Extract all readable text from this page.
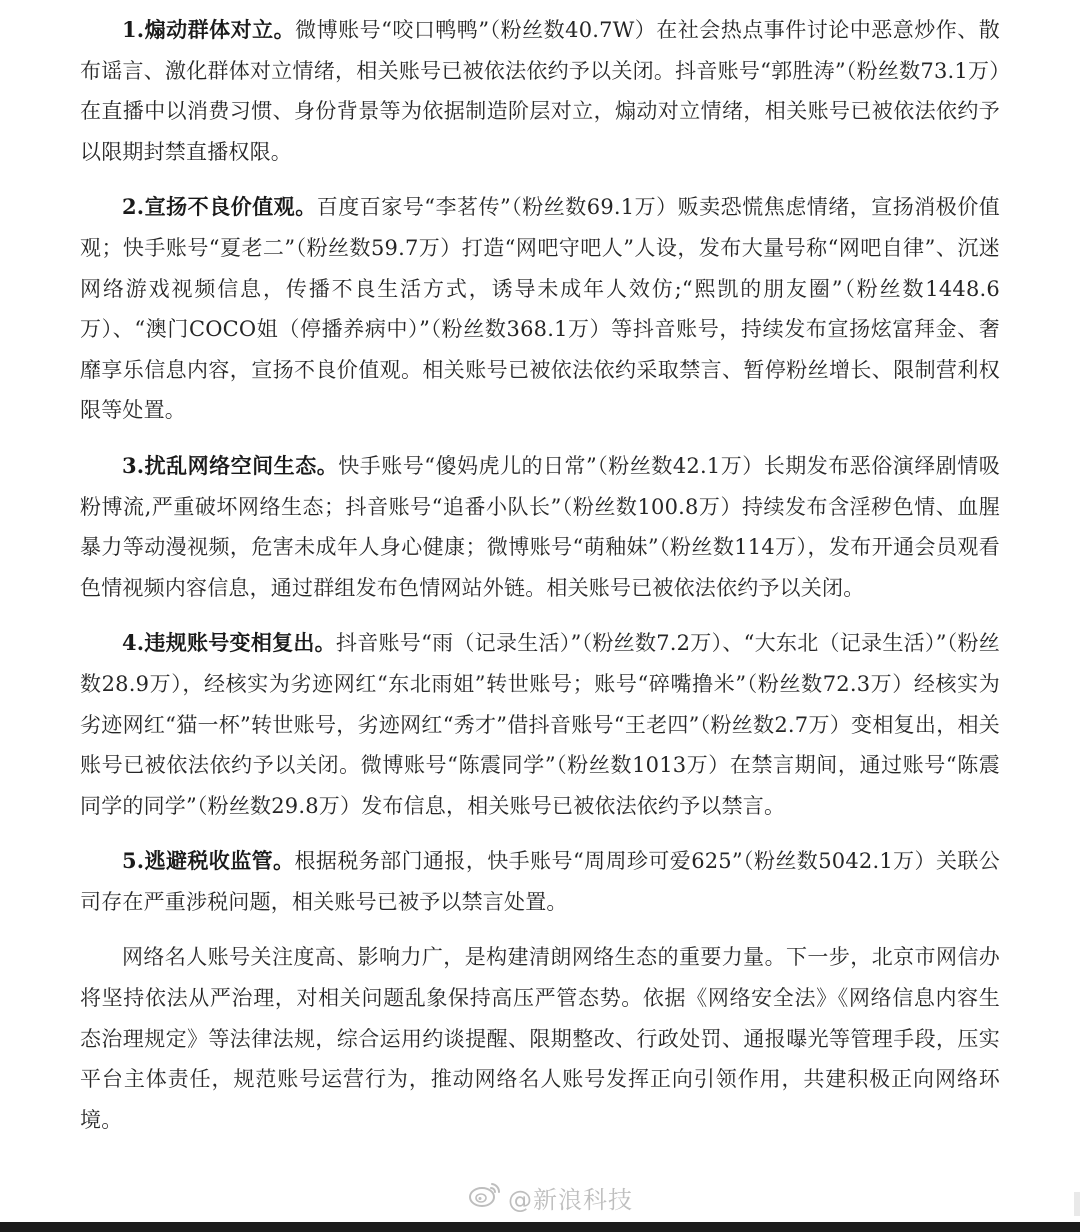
1.煽动群体对立。微博账号“咬口鸭鸭”（粉丝数40.7W）在社会热点事件讨论中恶意炒作、散布谣言、激化群体对立情绪，相关账号已被依法依约予以关闭。抖音账号“郭胜涛”（粉丝数73.1万）在直播中以消费习惯、身份背景等为依据制造阶层对立，煽动对立情绪，相关账号已被依法依约予以限期封禁直播权限。

2.宣扬不良价值观。百度百家号“李茗传”（粉丝数69.1万）贩卖恐慌焦虑情绪，宣扬消极价值观；快手账号“夏老二”（粉丝数59.7万）打造“网吧守吧人”人设，发布大量号称“网吧自律”、沉迷网络游戏视频信息，传播不良生活方式，诱导未成年人效仿;“熙凯的朋友圈”（粉丝数1448.6万）、“澳门COCO姐（停播养病中）”（粉丝数368.1万）等抖音账号，持续发布宣扬炫富拜金、奢靡享乐信息内容，宣扬不良价值观。相关账号已被依法依约采取禁言、暂停粉丝增长、限制营利权限等处置。

3.扰乱网络空间生态。快手账号“傻妈虎儿的日常”（粉丝数42.1万）长期发布恶俗演绎剧情吸粉博流,严重破坏网络生态；抖音账号“追番小队长”（粉丝数100.8万）持续发布含淫秽色情、血腥暴力等动漫视频，危害未成年人身心健康；微博账号“萌釉妹”（粉丝数114万），发布开通会员观看色情视频内容信息，通过群组发布色情网站外链。相关账号已被依法依约予以关闭。

4.违规账号变相复出。抖音账号“雨（记录生活）”（粉丝数7.2万）、“大东北（记录生活）”（粉丝数28.9万），经核实为劣迹网红“东北雨姐”转世账号；账号“碎嘴撸米”（粉丝数72.3万）经核实为劣迹网红“猫一杯”转世账号，劣迹网红“秀才”借抖音账号“王老四”（粉丝数2.7万）变相复出，相关账号已被依法依约予以关闭。微博账号“陈震同学”（粉丝数1013万）在禁言期间，通过账号“陈震同学的同学”（粉丝数29.8万）发布信息，相关账号已被依法依约予以禁言。

5.逃避税收监管。根据税务部门通报，快手账号“周周珍可爱625”（粉丝数5042.1万）关联公司存在严重涉税问题，相关账号已被予以禁言处置。

网络名人账号关注度高、影响力广，是构建清朗网络生态的重要力量。下一步，北京市网信办将坚持依法从严治理，对相关问题乱象保持高压严管态势。依据《网络安全法》《网络信息内容生态治理规定》等法律法规，综合运用约谈提醒、限期整改、行政处罚、通报曝光等管理手段，压实平台主体责任，规范账号运营行为，推动网络名人账号发挥正向引领作用，共建积极正向网络环境。

@新浪科技
